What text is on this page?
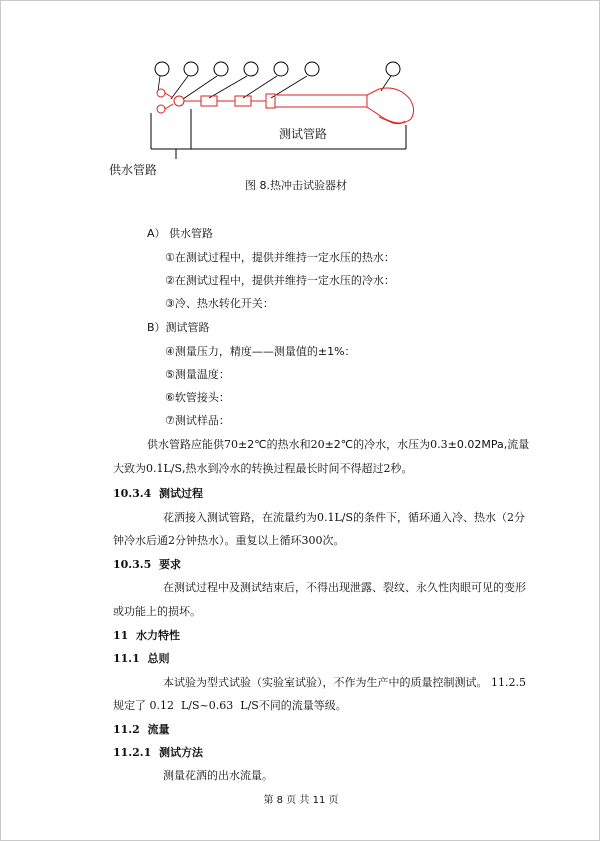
测试管路
供水管路
图 8.热冲击试验器材
A） 供水管路
①在测试过程中，提供并维持一定水压的热水：
②在测试过程中，提供并维持一定水压的冷水：
③冷、热水转化开关：
B）测试管路
④测量压力，精度——测量值的±1%：
⑤测量温度：
⑥软管接头：
⑦测试样品：
供水管路应能供70±2℃的热水和20±2℃的冷水，水压为0.3±0.02MPa,流量
大致为0.1L/S,热水到冷水的转换过程最长时间不得超过2秒。
10.3.4 测试过程
花洒接入测试管路，在流量约为0.1L/S的条件下，循环通入冷、热水（2分
钟冷水后通2分钟热水）。重复以上循环300次。
10.3.5 要求
在测试过程中及测试结束后，不得出现泄露、裂纹、永久性肉眼可见的变形
或功能上的损坏。
11 水力特性
11.1 总则
本试验为型式试验（实验室试验），不作为生产中的质量控制测试。 11.2.5
规定了 0.12 L/S~0.63 L/S不同的流量等级。
11.2 流量
11.2.1 测试方法
测量花洒的出水流量。
第 8 页 共 11 页
